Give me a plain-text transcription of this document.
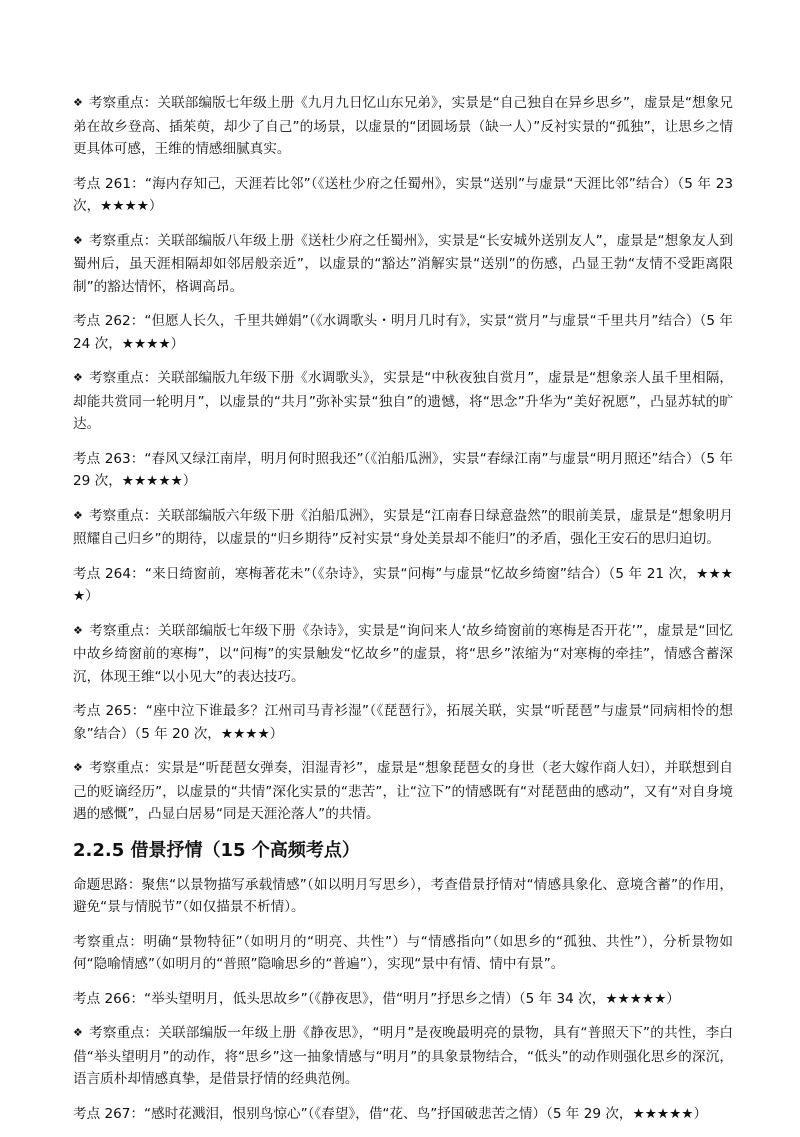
❖ 考察重点：关联部编版七年级上册《九月九日忆山东兄弟》，实景是“自己独自在异乡思乡”，虚景是“想象兄弟在故乡登高、插茱萸，却少了自己”的场景，以虚景的“团圆场景（缺一人）”反衬实景的“孤独”，让思乡之情更具体可感，王维的情感细腻真实。

考点 261：“海内存知己，天涯若比邻”（《送杜少府之任蜀州》，实景“送别”与虚景“天涯比邻”结合）（5 年 23 次，★★★★）

❖ 考察重点：关联部编版八年级上册《送杜少府之任蜀州》，实景是“长安城外送别友人”，虚景是“想象友人到蜀州后，虽天涯相隔却如邻居般亲近”，以虚景的“豁达”消解实景“送别”的伤感，凸显王勃“友情不受距离限制”的豁达情怀，格调高昂。

考点 262：“但愿人长久，千里共婵娟”（《水调歌头・明月几时有》，实景“赏月”与虚景“千里共月”结合）（5 年 24 次，★★★★）

❖ 考察重点：关联部编版九年级下册《水调歌头》，实景是“中秋夜独自赏月”，虚景是“想象亲人虽千里相隔，却能共赏同一轮明月”，以虚景的“共月”弥补实景“独自”的遗憾，将“思念”升华为“美好祝愿”，凸显苏轼的旷达。

考点 263：“春风又绿江南岸，明月何时照我还”（《泊船瓜洲》，实景“春绿江南”与虚景“明月照还”结合）（5 年 29 次，★★★★★）

❖ 考察重点：关联部编版六年级下册《泊船瓜洲》，实景是“江南春日绿意盎然”的眼前美景，虚景是“想象明月照耀自己归乡”的期待，以虚景的“归乡期待”反衬实景“身处美景却不能归”的矛盾，强化王安石的思归迫切。

考点 264：“来日绮窗前，寒梅著花未”（《杂诗》，实景“问梅”与虚景“忆故乡绮窗”结合）（5 年 21 次，★★★★）

❖ 考察重点：关联部编版七年级下册《杂诗》，实景是“询问来人‘故乡绮窗前的寒梅是否开花’”，虚景是“回忆中故乡绮窗前的寒梅”，以“问梅”的实景触发“忆故乡”的虚景，将“思乡”浓缩为“对寒梅的牵挂”，情感含蓄深沉，体现王维“以小见大”的表达技巧。

考点 265：“座中泣下谁最多？江州司马青衫湿”（《琵琶行》，拓展关联，实景“听琵琶”与虚景“同病相怜的想象”结合）（5 年 20 次，★★★★）

❖ 考察重点：实景是“听琵琶女弹奏，泪湿青衫”，虚景是“想象琵琶女的身世（老大嫁作商人妇），并联想到自己的贬谪经历”，以虚景的“共情”深化实景的“悲苦”，让“泣下”的情感既有“对琵琶曲的感动”，又有“对自身境遇的感慨”，凸显白居易“同是天涯沦落人”的共情。

2.2.5 借景抒情（15 个高频考点）

命题思路：聚焦“以景物描写承载情感”（如以明月写思乡），考查借景抒情对“情感具象化、意境含蓄”的作用，避免“景与情脱节”（如仅描景不析情）。

考察重点：明确“景物特征”（如明月的“明亮、共性”）与“情感指向”（如思乡的“孤独、共性”），分析景物如何“隐喻情感”（如明月的“普照”隐喻思乡的“普遍”），实现“景中有情、情中有景”。

考点 266：“举头望明月，低头思故乡”（《静夜思》，借“明月”抒思乡之情）（5 年 34 次，★★★★★）

❖ 考察重点：关联部编版一年级上册《静夜思》，“明月”是夜晚最明亮的景物，具有“普照天下”的共性，李白借“举头望明月”的动作，将“思乡”这一抽象情感与“明月”的具象景物结合，“低头”的动作则强化思乡的深沉，语言质朴却情感真挚，是借景抒情的经典范例。

考点 267：“感时花溅泪，恨别鸟惊心”（《春望》，借“花、鸟”抒国破悲苦之情）（5 年 29 次，★★★★★）
